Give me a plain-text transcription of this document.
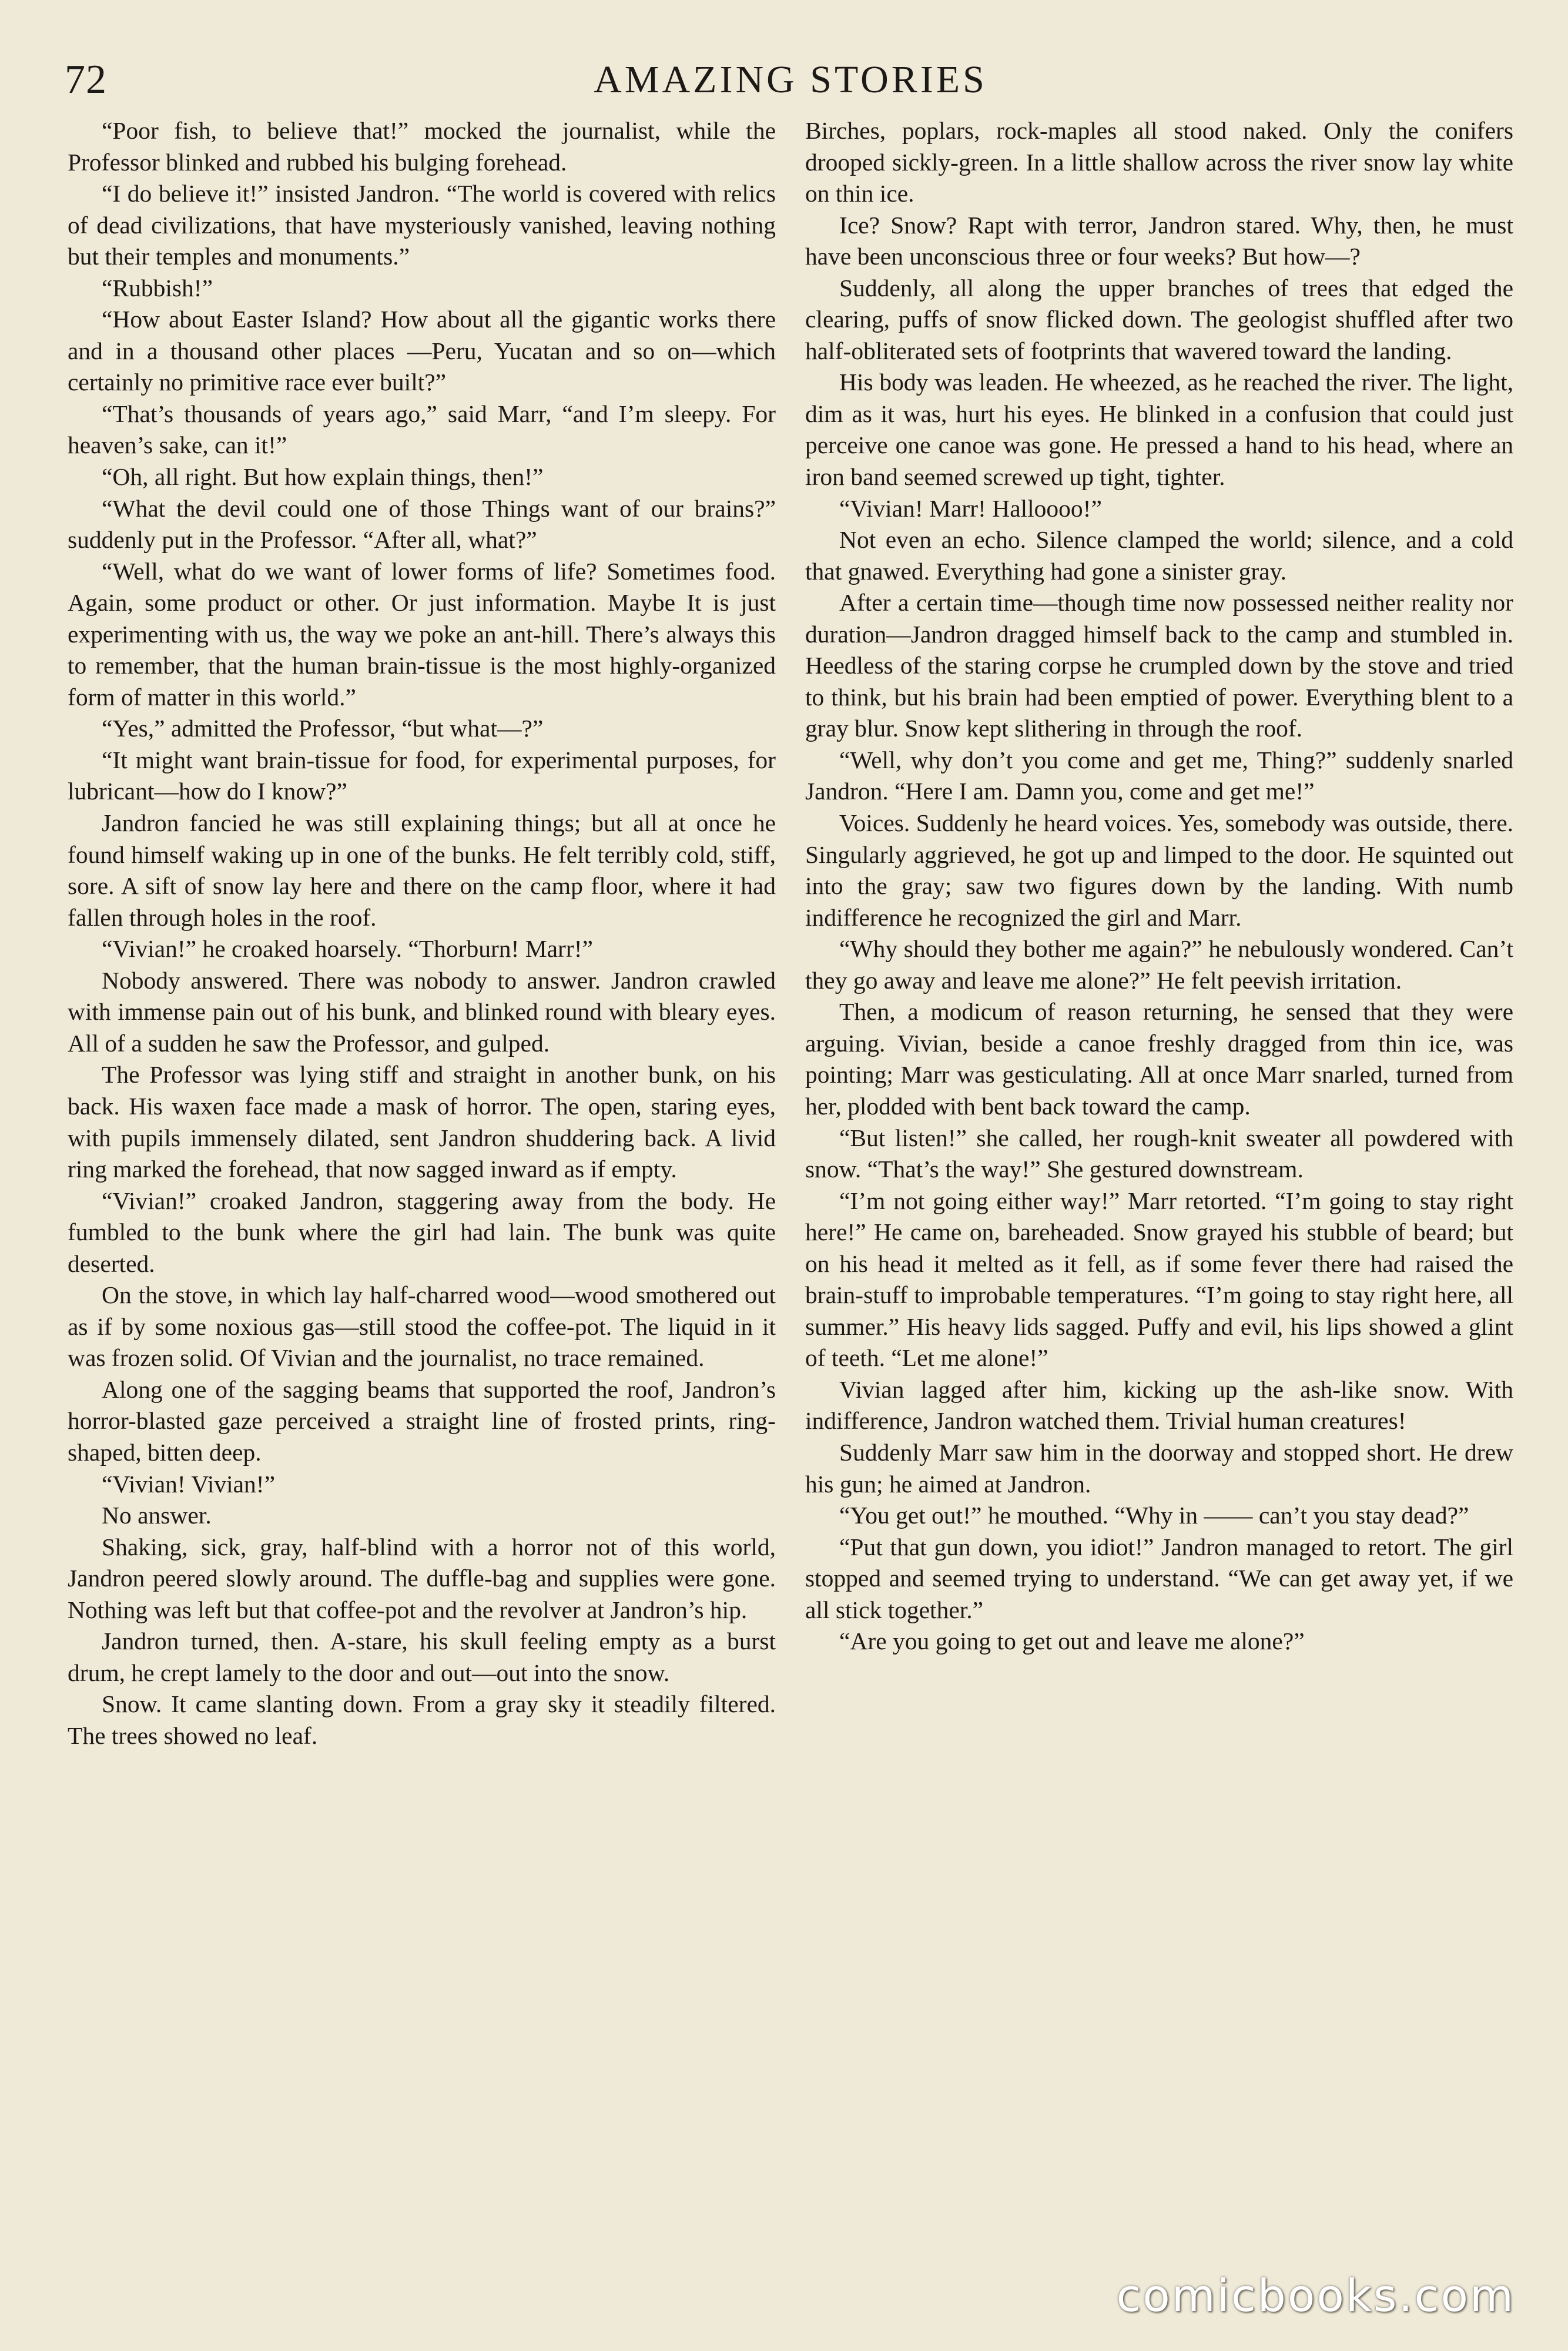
72	AMAZING STORIES

“Poor fish, to believe that!” mocked the journalist, while the Professor blinked and rubbed his bulging forehead.

“I do believe it!” insisted Jandron. “The world is covered with relics of dead civilizations, that have mysteriously vanished, leaving nothing but their temples and monuments.”

“Rubbish!”

“How about Easter Island? How about all the gigantic works there and in a thousand other places —Peru, Yucatan and so on—which certainly no primitive race ever built?”

“That’s thousands of years ago,” said Marr, “and I’m sleepy. For heaven’s sake, can it!”

“Oh, all right. But how explain things, then!”

“What the devil could one of those Things want of our brains?” suddenly put in the Professor. “After all, what?”

“Well, what do we want of lower forms of life? Sometimes food. Again, some product or other. Or just information. Maybe It is just experimenting with us, the way we poke an ant-hill. There’s always this to remember, that the human brain-tissue is the most highly-organized form of matter in this world.”

“Yes,” admitted the Professor, “but what—?”

“It might want brain-tissue for food, for experimental purposes, for lubricant—how do I know?”

Jandron fancied he was still explaining things; but all at once he found himself waking up in one of the bunks. He felt terribly cold, stiff, sore. A sift of snow lay here and there on the camp floor, where it had fallen through holes in the roof.

“Vivian!” he croaked hoarsely. “Thorburn! Marr!”

Nobody answered. There was nobody to answer. Jandron crawled with immense pain out of his bunk, and blinked round with bleary eyes. All of a sudden he saw the Professor, and gulped.

The Professor was lying stiff and straight in another bunk, on his back. His waxen face made a mask of horror. The open, staring eyes, with pupils immensely dilated, sent Jandron shuddering back. A livid ring marked the forehead, that now sagged inward as if empty.

“Vivian!” croaked Jandron, staggering away from the body. He fumbled to the bunk where the girl had lain. The bunk was quite deserted.

On the stove, in which lay half-charred wood—wood smothered out as if by some noxious gas—still stood the coffee-pot. The liquid in it was frozen solid. Of Vivian and the journalist, no trace remained.

Along one of the sagging beams that supported the roof, Jandron’s horror-blasted gaze perceived a straight line of frosted prints, ring-shaped, bitten deep.

“Vivian! Vivian!”

No answer.

Shaking, sick, gray, half-blind with a horror not of this world, Jandron peered slowly around. The duffle-bag and supplies were gone. Nothing was left but that coffee-pot and the revolver at Jandron’s hip.

Jandron turned, then. A-stare, his skull feeling empty as a burst drum, he crept lamely to the door and out—out into the snow.

Snow. It came slanting down. From a gray sky it steadily filtered. The trees showed no leaf.

Birches, poplars, rock-maples all stood naked. Only the conifers drooped sickly-green. In a little shallow across the river snow lay white on thin ice.

Ice? Snow? Rapt with terror, Jandron stared. Why, then, he must have been unconscious three or four weeks? But how—?

Suddenly, all along the upper branches of trees that edged the clearing, puffs of snow flicked down. The geologist shuffled after two half-obliterated sets of footprints that wavered toward the landing.

His body was leaden. He wheezed, as he reached the river. The light, dim as it was, hurt his eyes. He blinked in a confusion that could just perceive one canoe was gone. He pressed a hand to his head, where an iron band seemed screwed up tight, tighter.

“Vivian! Marr! Halloooo!”

Not even an echo. Silence clamped the world; silence, and a cold that gnawed. Everything had gone a sinister gray.

After a certain time—though time now possessed neither reality nor duration—Jandron dragged himself back to the camp and stumbled in. Heedless of the staring corpse he crumpled down by the stove and tried to think, but his brain had been emptied of power. Everything blent to a gray blur. Snow kept slithering in through the roof.

“Well, why don’t you come and get me, Thing?” suddenly snarled Jandron. “Here I am. Damn you, come and get me!”

Voices. Suddenly he heard voices. Yes, somebody was outside, there. Singularly aggrieved, he got up and limped to the door. He squinted out into the gray; saw two figures down by the landing. With numb indifference he recognized the girl and Marr.

“Why should they bother me again?” he nebulously wondered. Can’t they go away and leave me alone?” He felt peevish irritation.

Then, a modicum of reason returning, he sensed that they were arguing. Vivian, beside a canoe freshly dragged from thin ice, was pointing; Marr was gesticulating. All at once Marr snarled, turned from her, plodded with bent back toward the camp.

“But listen!” she called, her rough-knit sweater all powdered with snow. “That’s the way!” She gestured downstream.

“I’m not going either way!” Marr retorted. “I’m going to stay right here!” He came on, bareheaded. Snow grayed his stubble of beard; but on his head it melted as it fell, as if some fever there had raised the brain-stuff to improbable temperatures. “I’m going to stay right here, all summer.” His heavy lids sagged. Puffy and evil, his lips showed a glint of teeth. “Let me alone!”

Vivian lagged after him, kicking up the ash-like snow. With indifference, Jandron watched them. Trivial human creatures!

Suddenly Marr saw him in the doorway and stopped short. He drew his gun; he aimed at Jandron.

“You get out!” he mouthed. “Why in —— can’t you stay dead?”

“Put that gun down, you idiot!” Jandron managed to retort. The girl stopped and seemed trying to understand. “We can get away yet, if we all stick together.”

“Are you going to get out and leave me alone?”

comicbooks.com
